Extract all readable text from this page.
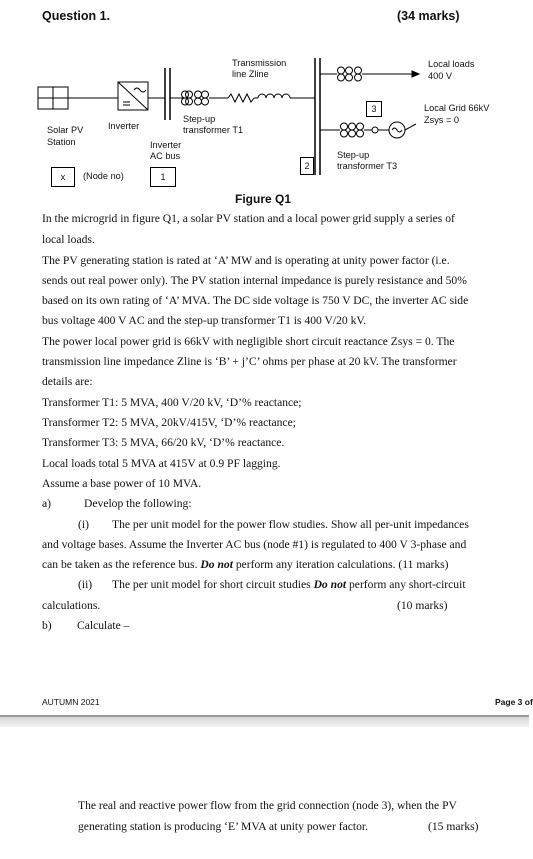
Question 1.	(34 marks)
Transmission line Zline
Local loads
400 V
Local Grid 66kV
Zsys = 0
Solar PV
Station
Inverter
Step-up
transformer T1
Inverter
AC bus	Step-up
transformer T3
x	(Node no)	1
2
3
Figure Q1

In the microgrid in figure Q1, a solar PV station and a local power grid supply a series of

local loads.

The PV generating station is rated at ‘A’ MW and is operating at unity power factor (i.e.

sends out real power only). The PV station internal impedance is purely resistance and 50%

based on its own rating of ‘A’ MVA. The DC side voltage is 750 V DC, the inverter AC side

bus voltage 400 V AC and the step-up transformer T1 is 400 V/20 kV.

The power local power grid is 66kV with negligible short circuit reactance Zsys = 0. The

transmission line impedance Zline is ‘B’ + j’C’ ohms per phase at 20 kV. The transformer

details are:

Transformer T1: 5 MVA, 400 V/20 kV, ‘D’% reactance;

Transformer T2: 5 MVA, 20kV/415V, ‘D’% reactance;

Transformer T3: 5 MVA, 66/20 kV, ‘D’% reactance.

Local loads total 5 MVA at 415V at 0.9 PF lagging.

Assume a base power of 10 MVA.

a)	Develop the following:

(i) The per unit model for the power flow studies. Show all per-unit impedances

and voltage bases. Assume the Inverter AC bus (node #1) is regulated to 400 V 3-phase and

can be taken as the reference bus. Do not perform any iteration calculations. (11 marks)

(ii) The per unit model for short circuit studies Do not perform any short-circuit

calculations.	(10 marks)

b) Calculate –

AUTUMN 2021	Page 3 of

The real and reactive power flow from the grid connection (node 3), when the PV

generating station is producing ‘E’ MVA at unity power factor.	(15 marks)
